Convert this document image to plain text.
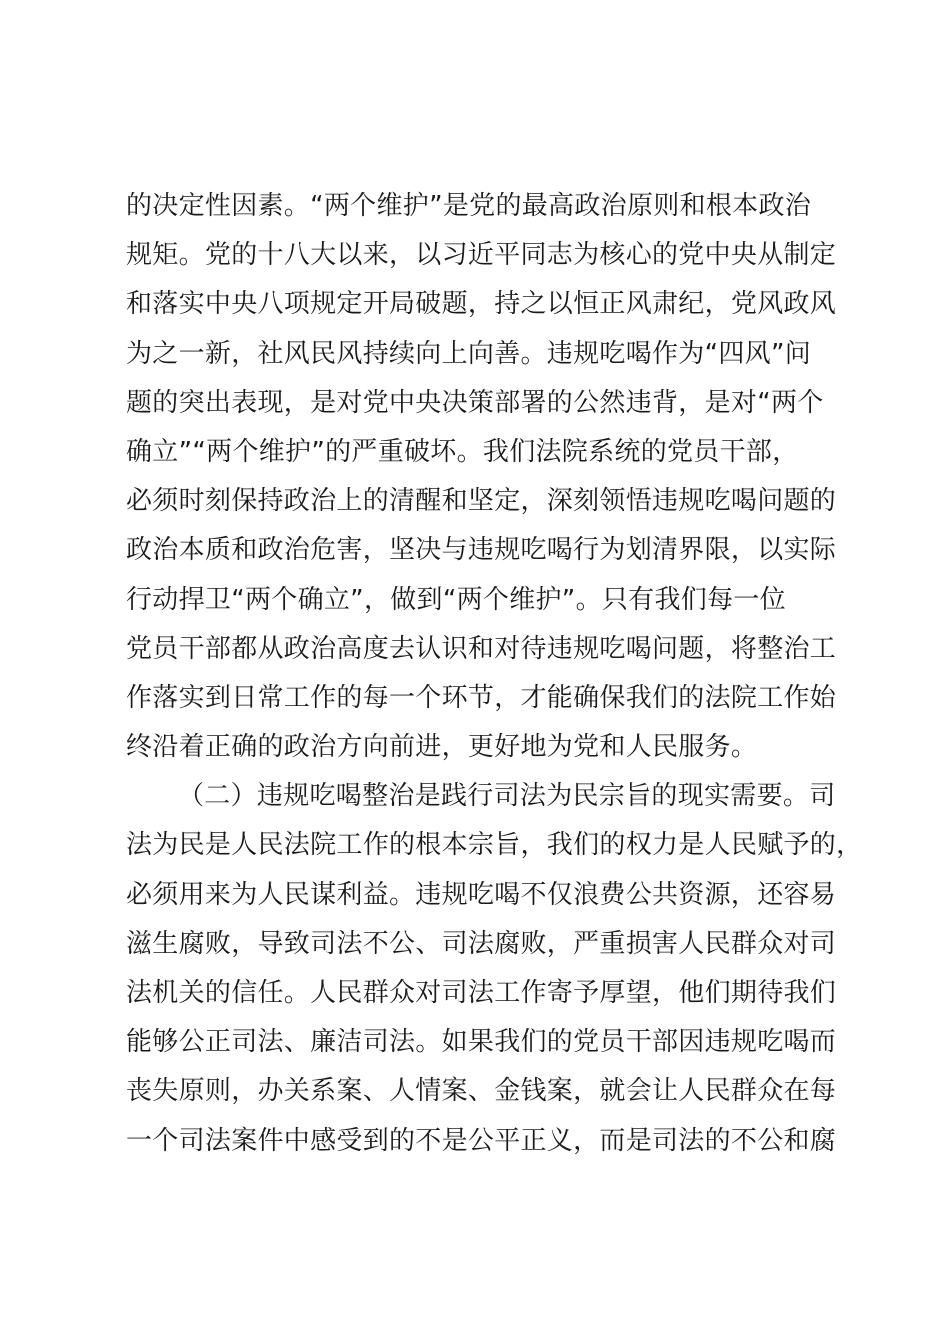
的决定性因素。“两个维护”是党的最高政治原则和根本政治
规矩。党的十八大以来，以习近平同志为核心的党中央从制定
和落实中央八项规定开局破题，持之以恒正风肃纪，党风政风
为之一新，社风民风持续向上向善。违规吃喝作为“四风”问
题的突出表现，是对党中央决策部署的公然违背，是对“两个
确立”“两个维护”的严重破坏。我们法院系统的党员干部，
必须时刻保持政治上的清醒和坚定，深刻领悟违规吃喝问题的
政治本质和政治危害，坚决与违规吃喝行为划清界限，以实际
行动捍卫“两个确立”，做到“两个维护”。只有我们每一位
党员干部都从政治高度去认识和对待违规吃喝问题，将整治工
作落实到日常工作的每一个环节，才能确保我们的法院工作始
终沿着正确的政治方向前进，更好地为党和人民服务。
（二）违规吃喝整治是践行司法为民宗旨的现实需要。司
法为民是人民法院工作的根本宗旨，我们的权力是人民赋予的，
必须用来为人民谋利益。违规吃喝不仅浪费公共资源，还容易
滋生腐败，导致司法不公、司法腐败，严重损害人民群众对司
法机关的信任。人民群众对司法工作寄予厚望，他们期待我们
能够公正司法、廉洁司法。如果我们的党员干部因违规吃喝而
丧失原则，办关系案、人情案、金钱案，就会让人民群众在每
一个司法案件中感受到的不是公平正义，而是司法的不公和腐
